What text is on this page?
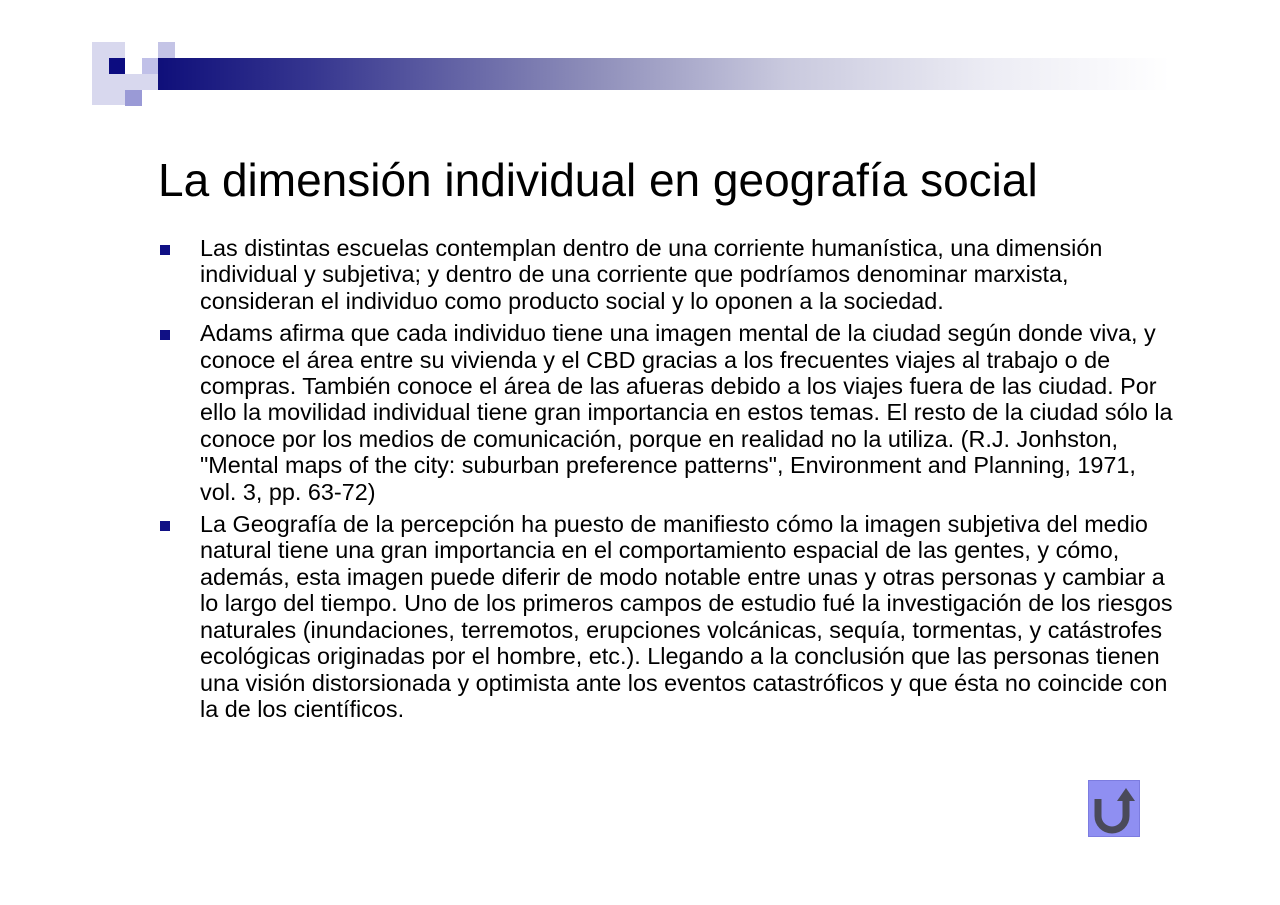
La dimensión individual en geografía social
Las distintas escuelas contemplan dentro de una corriente humanística, una dimensión individual y subjetiva; y dentro de una corriente que podríamos denominar marxista, consideran el individuo como producto social y lo oponen a la sociedad.
Adams afirma que cada individuo tiene una imagen mental de la ciudad según donde viva, y conoce el área entre su vivienda y el CBD gracias a los frecuentes viajes al trabajo o de compras. También conoce el área de las afueras debido a los viajes fuera de las ciudad. Por ello la movilidad individual tiene gran importancia en estos temas. El resto de la ciudad sólo la conoce por los medios de comunicación, porque en realidad no la utiliza. (R.J. Jonhston, "Mental maps of the city: suburban preference patterns", Environment and Planning, 1971, vol. 3, pp. 63-72)
La Geografía de la percepción ha puesto de manifiesto cómo la imagen subjetiva del medio natural tiene una gran importancia en el comportamiento espacial de las gentes, y cómo, además, esta imagen puede diferir de modo notable entre unas y otras personas y cambiar a lo largo del tiempo. Uno de los primeros campos de estudio fué la investigación de los riesgos naturales (inundaciones, terremotos, erupciones volcánicas, sequía, tormentas, y catástrofes ecológicas originadas por el hombre, etc.). Llegando a la conclusión que las personas tienen una visión distorsionada y optimista ante los eventos catastróficos y que ésta no coincide con la de los científicos.
